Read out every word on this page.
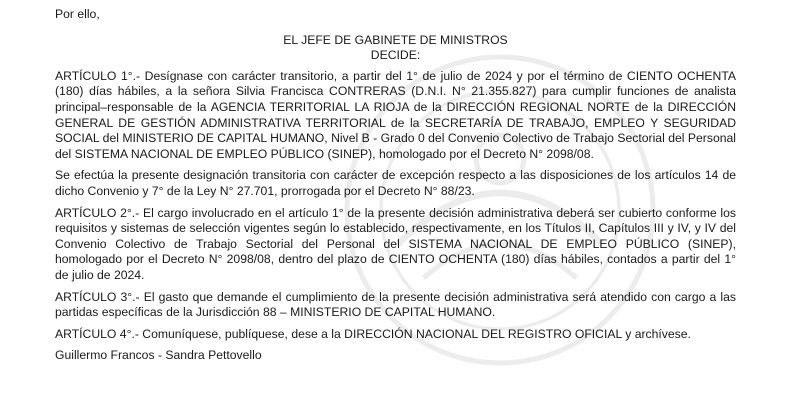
Por ello,

EL JEFE DE GABINETE DE MINISTROS

DECIDE:

ARTÍCULO 1°.- Desígnase con carácter transitorio, a partir del 1° de julio de 2024 y por el término de CIENTO OCHENTA (180) días hábiles, a la señora Silvia Francisca CONTRERAS (D.N.I. N° 21.355.827) para cumplir funciones de analista principal–responsable de la AGENCIA TERRITORIAL LA RIOJA de la DIRECCIÓN REGIONAL NORTE de la DIRECCIÓN GENERAL DE GESTIÓN ADMINISTRATIVA TERRITORIAL de la SECRETARÍA DE TRABAJO, EMPLEO Y SEGURIDAD SOCIAL del MINISTERIO DE CAPITAL HUMANO, Nivel B - Grado 0 del Convenio Colectivo de Trabajo Sectorial del Personal del SISTEMA NACIONAL DE EMPLEO PÚBLICO (SINEP), homologado por el Decreto N° 2098/08.

Se efectúa la presente designación transitoria con carácter de excepción respecto a las disposiciones de los artículos 14 de dicho Convenio y 7° de la Ley N° 27.701, prorrogada por el Decreto N° 88/23.

ARTÍCULO 2°.- El cargo involucrado en el artículo 1° de la presente decisión administrativa deberá ser cubierto conforme los requisitos y sistemas de selección vigentes según lo establecido, respectivamente, en los Títulos II, Capítulos III y IV, y IV del Convenio Colectivo de Trabajo Sectorial del Personal del SISTEMA NACIONAL DE EMPLEO PÚBLICO (SINEP), homologado por el Decreto N° 2098/08, dentro del plazo de CIENTO OCHENTA (180) días hábiles, contados a partir del 1° de julio de 2024.

ARTÍCULO 3°.- El gasto que demande el cumplimiento de la presente decisión administrativa será atendido con cargo a las partidas específicas de la Jurisdicción 88 – MINISTERIO DE CAPITAL HUMANO.

ARTÍCULO 4°.- Comuníquese, publíquese, dese a la DIRECCIÓN NACIONAL DEL REGISTRO OFICIAL y archívese.

Guillermo Francos - Sandra Pettovello
